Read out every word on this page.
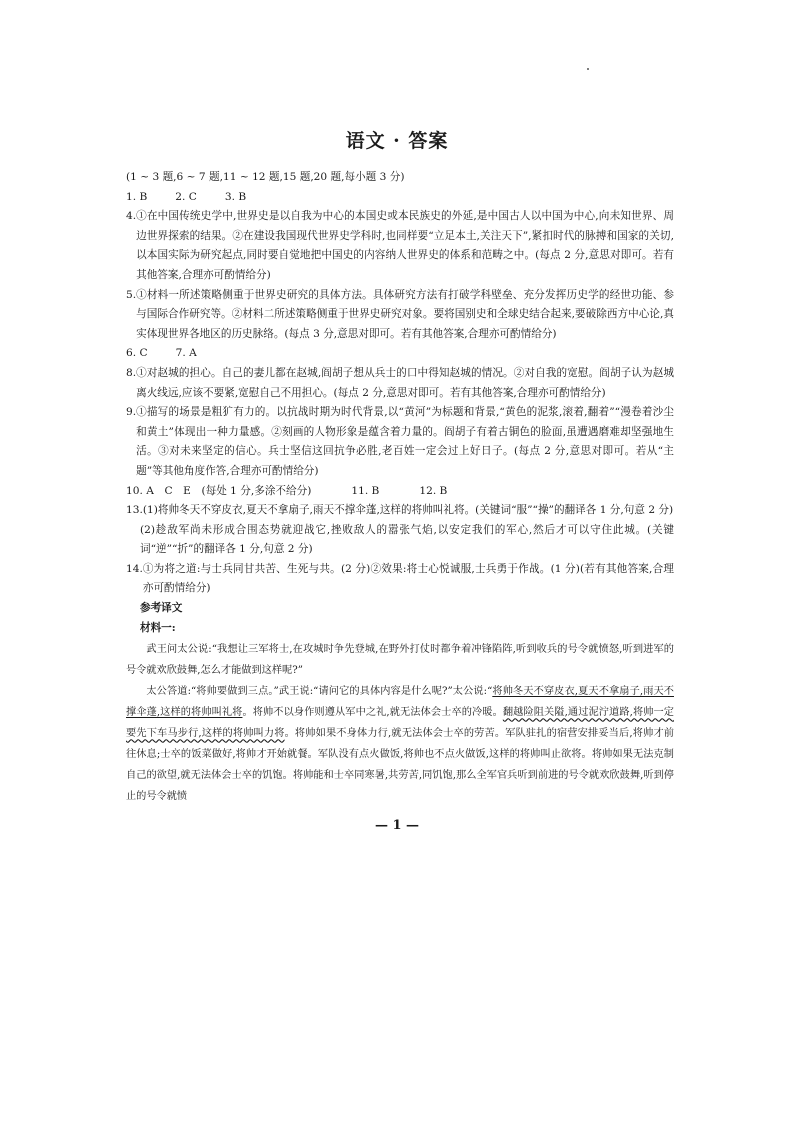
语文 · 答案
(1 ~ 3 题,6 ~ 7 题,11 ~ 12 题,15 题,20 题,每小题 3 分)
1. B	2. C	3. B
4. ①在中国传统史学中,世界史是以自我为中心的本国史或本民族史的外延,是中国古人以中国为中心,向未知世界、周边世界探索的结果。②在建设我国现代世界史学科时,也同样要“立足本土,关注天下”,紧扣时代的脉搏和国家的关切,以本国实际为研究起点,同时要自觉地把中国史的内容纳人世界史的体系和范畴之中。(每点 2 分,意思对即可。若有其他答案,合理亦可酌情给分)
5. ①材料一所述策略侧重于世界史研究的具体方法。具体研究方法有打破学科壁垒、充分发挥历史学的经世功能、参与国际合作研究等。②材料二所述策略侧重于世界史研究对象。要将国别史和全球史结合起来,要破除西方中心论,真实体现世界各地区的历史脉络。(每点 3 分,意思对即可。若有其他答案,合理亦可酌情给分)
6. C	7. A
8. ①对赵城的担心。自己的妻儿都在赵城,阎胡子想从兵士的口中得知赵城的情况。②对自我的宽慰。阎胡子认为赵城离火线远,应该不要紧,宽慰自己不用担心。(每点 2 分,意思对即可。若有其他答案,合理亦可酌情给分)
9. ①描写的场景是粗犷有力的。以抗战时期为时代背景,以“黄河”为标题和背景,“黄色的泥浆,滚着,翻着”“漫卷着沙尘和黄土”体现出一种力量感。②刻画的人物形象是蕴含着力量的。阎胡子有着古铜色的脸面,虽遭遇磨难却坚强地生活。③对未来坚定的信心。兵士坚信这回抗争必胜,老百姓一定会过上好日子。(每点 2 分,意思对即可。若从“主题”等其他角度作答,合理亦可酌情给分)
10. A　C　E　(每处 1 分,多涂不给分)	11. B	12. B
13. (1)将帅冬天不穿皮衣,夏天不拿扇子,雨天不撑伞蓬,这样的将帅叫礼将。(关键词“服”“操”的翻译各 1 分,句意 2 分)
(2)趁敌军尚未形成合围态势就迎战它,挫败敌人的嚣张气焰,以安定我们的军心,然后才可以守住此城。(关键词“逆”“折”的翻译各 1 分,句意 2 分)
14. ①为将之道:与士兵同甘共苦、生死与共。(2 分)②效果:将士心悦诚服,士兵勇于作战。(1 分)(若有其他答案,合理亦可酌情给分)
参考译文
材料一:
武王问太公说:“我想让三军将士,在攻城时争先登城,在野外打仗时都争着冲锋陷阵,听到收兵的号令就愤怒,听到进军的号令就欢欣鼓舞,怎么才能做到这样呢?”
太公答道:“将帅要做到三点。”武王说:“请问它的具体内容是什么呢?”太公说:“将帅冬天不穿皮衣,夏天不拿扇子,雨天不撑伞蓬,这样的将帅叫礼将。将帅不以身作则遵从军中之礼,就无法体会士卒的冷暖。翻越险阻关隘,通过泥泞道路,将帅一定要先下车马步行,这样的将帅叫力将。将帅如果不身体力行,就无法体会士卒的劳苦。军队驻扎的宿营安排妥当后,将帅才前往休息;士卒的饭菜做好,将帅才开始就餐。军队没有点火做饭,将帅也不点火做饭,这样的将帅叫止欲将。将帅如果无法克制自己的欲望,就无法体会士卒的饥饱。将帅能和士卒同寒暑,共劳苦,同饥饱,那么全军官兵听到前进的号令就欢欣鼓舞,听到停止的号令就愤
— 1 —
